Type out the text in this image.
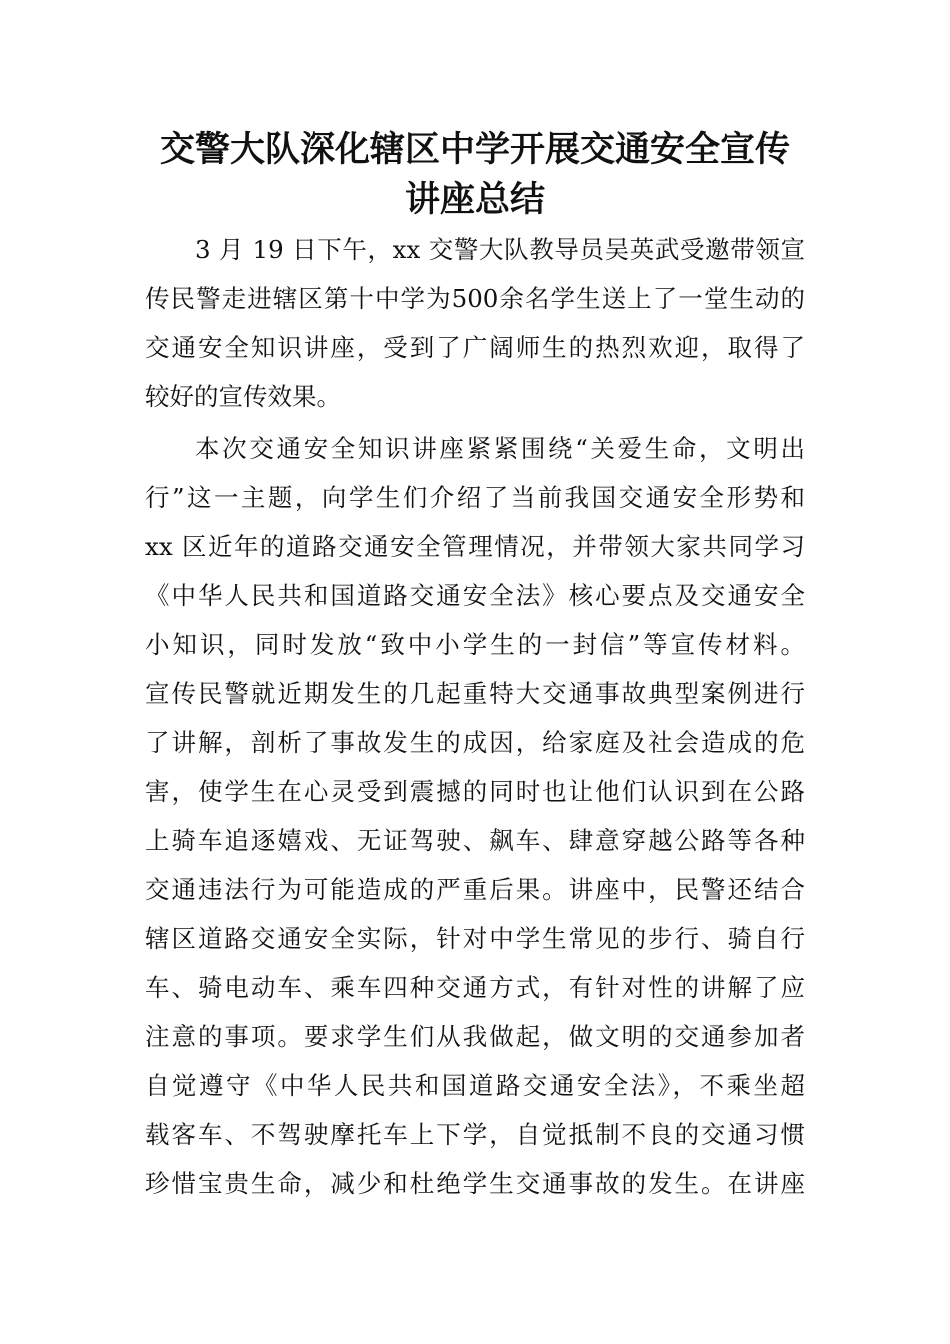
交警大队深化辖区中学开展交通安全宣传
讲座总结

3 月 19 日下午，xx 交警大队教导员吴英武受邀带领宣

传民警走进辖区第十中学为500余名学生送上了一堂生动的

交通安全知识讲座，受到了广阔师生的热烈欢迎，取得了

较好的宣传效果。

本次交通安全知识讲座紧紧围绕“关爱生命，文明出

行”这一主题，向学生们介绍了当前我国交通安全形势和

xx 区近年的道路交通安全管理情况，并带领大家共同学习

《中华人民共和国道路交通安全法》核心要点及交通安全

小知识，同时发放“致中小学生的一封信”等宣传材料。

宣传民警就近期发生的几起重特大交通事故典型案例进行

了讲解，剖析了事故发生的成因，给家庭及社会造成的危

害，使学生在心灵受到震撼的同时也让他们认识到在公路

上骑车追逐嬉戏、无证驾驶、飙车、肆意穿越公路等各种

交通违法行为可能造成的严重后果。讲座中，民警还结合

辖区道路交通安全实际，针对中学生常见的步行、骑自行

车、骑电动车、乘车四种交通方式，有针对性的讲解了应

注意的事项。要求学生们从我做起，做文明的交通参加者

自觉遵守《中华人民共和国道路交通安全法》，不乘坐超

载客车、不驾驶摩托车上下学，自觉抵制不良的交通习惯

珍惜宝贵生命，减少和杜绝学生交通事故的发生。在讲座
